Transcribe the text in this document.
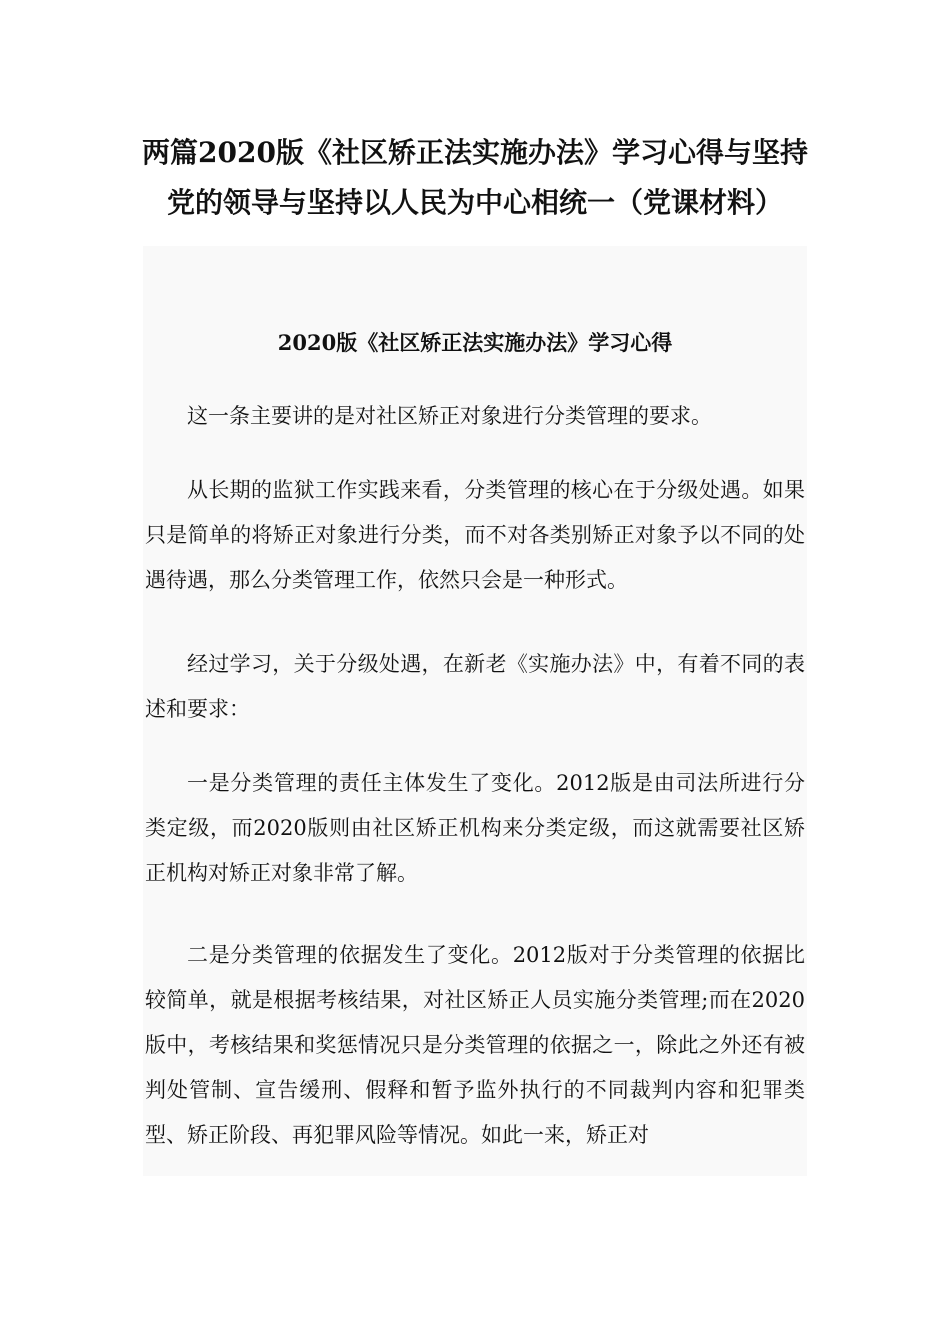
两篇2020版《社区矫正法实施办法》学习心得与坚持党的领导与坚持以人民为中心相统一（党课材料）
2020版《社区矫正法实施办法》学习心得

这一条主要讲的是对社区矫正对象进行分类管理的要求。

从长期的监狱工作实践来看，分类管理的核心在于分级处遇。如果只是简单的将矫正对象进行分类，而不对各类别矫正对象予以不同的处遇待遇，那么分类管理工作，依然只会是一种形式。

经过学习，关于分级处遇，在新老《实施办法》中，有着不同的表述和要求：

一是分类管理的责任主体发生了变化。2012版是由司法所进行分类定级，而2020版则由社区矫正机构来分类定级，而这就需要社区矫正机构对矫正对象非常了解。

二是分类管理的依据发生了变化。2012版对于分类管理的依据比较简单，就是根据考核结果，对社区矫正人员实施分类管理;而在2020版中，考核结果和奖惩情况只是分类管理的依据之一，除此之外还有被判处管制、宣告缓刑、假释和暂予监外执行的不同裁判内容和犯罪类型、矫正阶段、再犯罪风险等情况。如此一来，矫正对
